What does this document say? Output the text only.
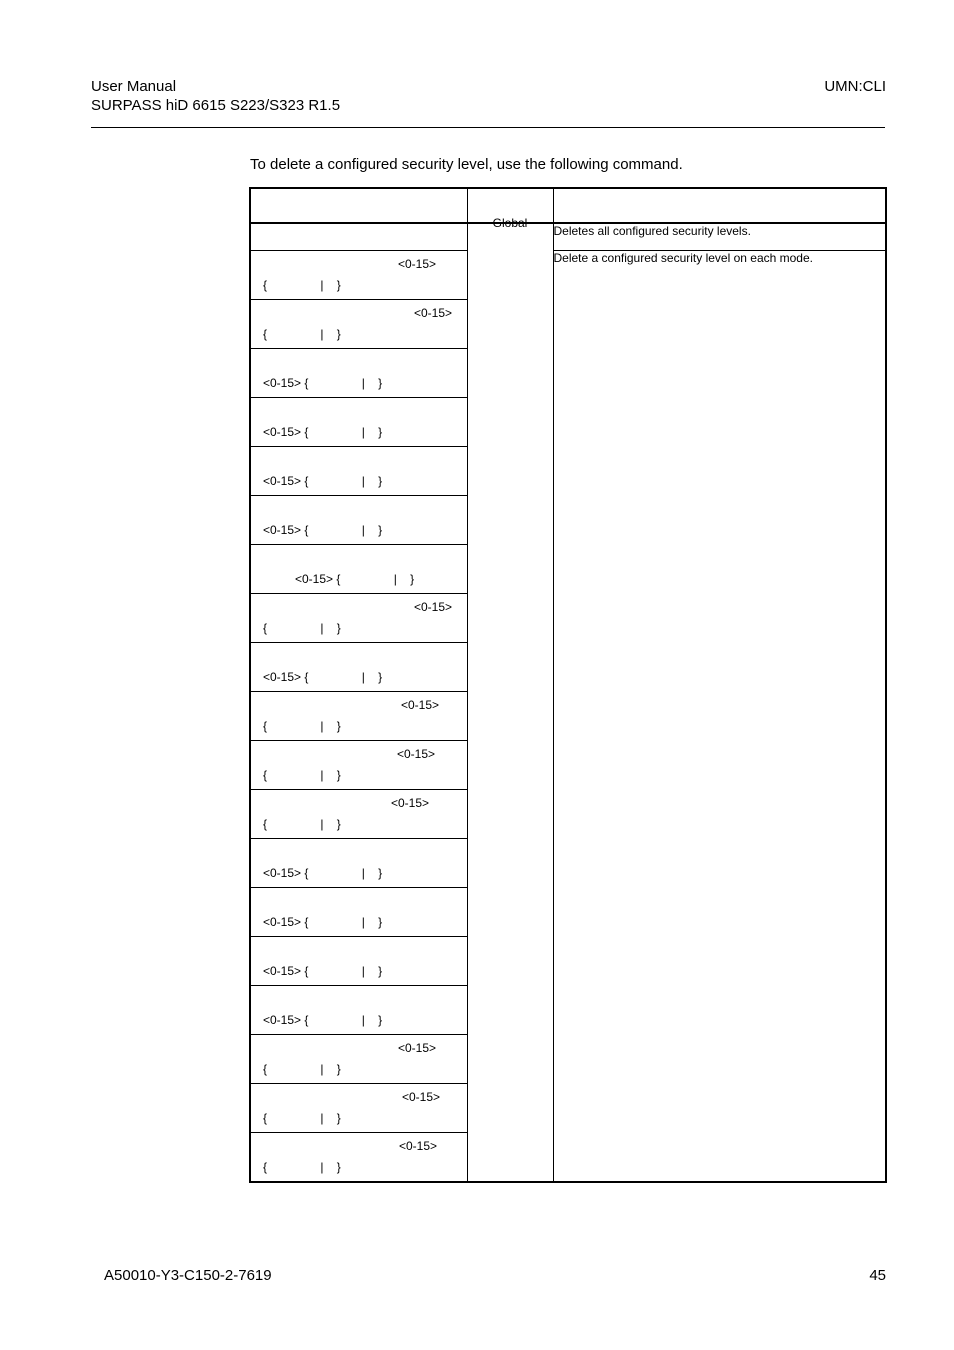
User Manual
SURPASS hiD 6615 S223/S323 R1.5
UMN:CLI
To delete a configured security level, use the following command.

	Global	Deletes all configured security levels.

<0-15>
{                |    }		Delete a configured security level on each mode.

<0-15>
{                |    }		

<0-15> {                |    }		

<0-15> {                |    }		

<0-15> {                |    }		

<0-15> {                |    }		

<0-15> {                |    }		

<0-15>
{                |    }		

<0-15> {                |    }		

<0-15>
{                |    }		

<0-15>
{                |    }		

<0-15>
{                |    }		

<0-15> {                |    }		

<0-15> {                |    }		

<0-15> {                |    }		

<0-15> {                |    }		

<0-15>
{                |    }		

<0-15>
{                |    }		

<0-15>
{                |    }		
A50010-Y3-C150-2-7619	45
